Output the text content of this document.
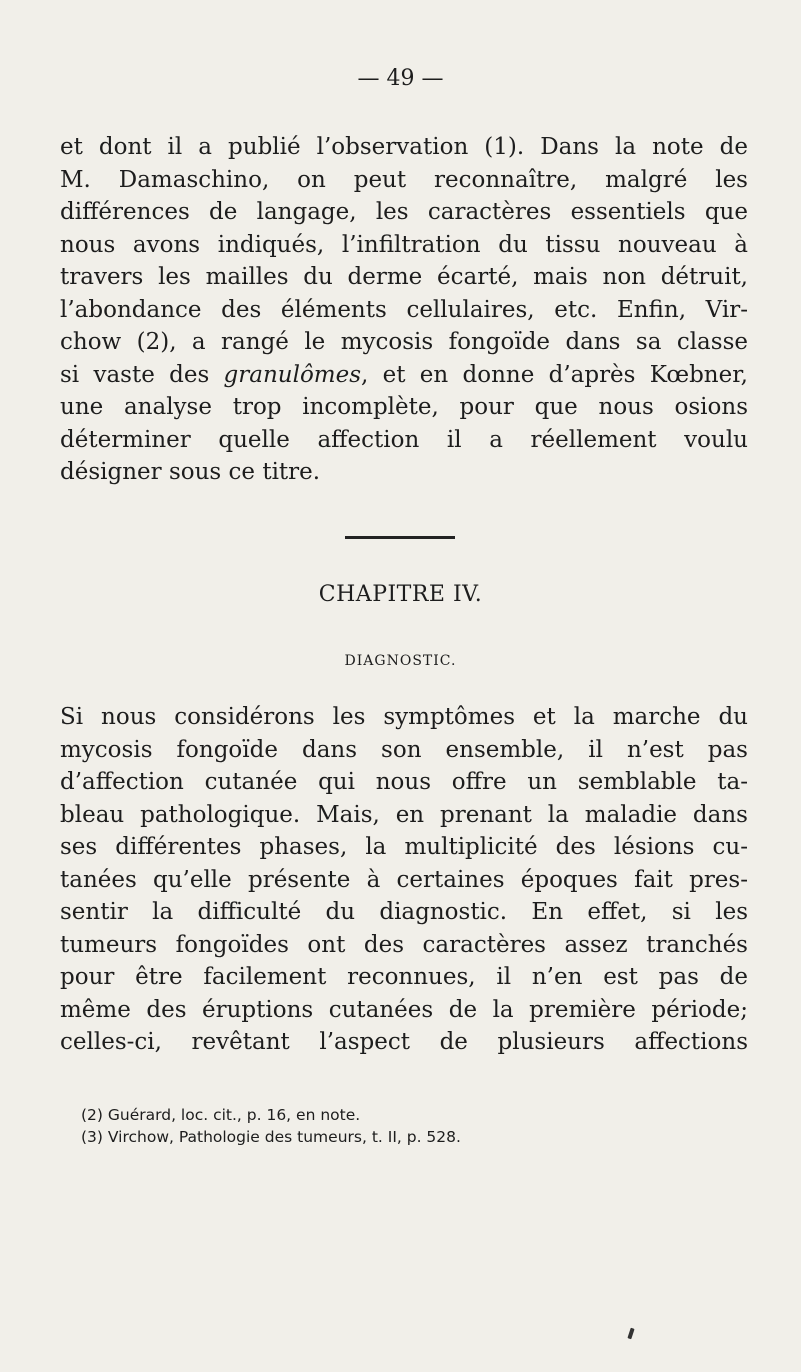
— 49 —

et dont il a publié l’observation (1). Dans la note de
M. Damaschino, on peut reconnaître, malgré les
différences de langage, les caractères essentiels que
nous avons indiqués, l’infiltration du tissu nouveau à
travers les mailles du derme écarté, mais non détruit,
l’abondance des éléments cellulaires, etc. Enfin, Vir-
chow (2), a rangé le mycosis fongoïde dans sa classe
si vaste des granulômes, et en donne d’après Kœbner,
une analyse trop incomplète, pour que nous osions
déterminer quelle affection il a réellement voulu
désigner sous ce titre.

CHAPITRE IV.
DIAGNOSTIC.

Si nous considérons les symptômes et la marche du
mycosis fongoïde dans son ensemble, il n’est pas
d’affection cutanée qui nous offre un semblable ta-
bleau pathologique. Mais, en prenant la maladie dans
ses différentes phases, la multiplicité des lésions cu-
tanées qu’elle présente à certaines époques fait pres-
sentir la difficulté du diagnostic. En effet, si les
tumeurs fongoïdes ont des caractères assez tranchés
pour être facilement reconnues, il n’en est pas de
même des éruptions cutanées de la première période;
celles-ci, revêtant l’aspect de plusieurs affections

(2) Guérard, loc. cit., p. 16, en note.
(3) Virchow, Pathologie des tumeurs, t. II, p. 528.
